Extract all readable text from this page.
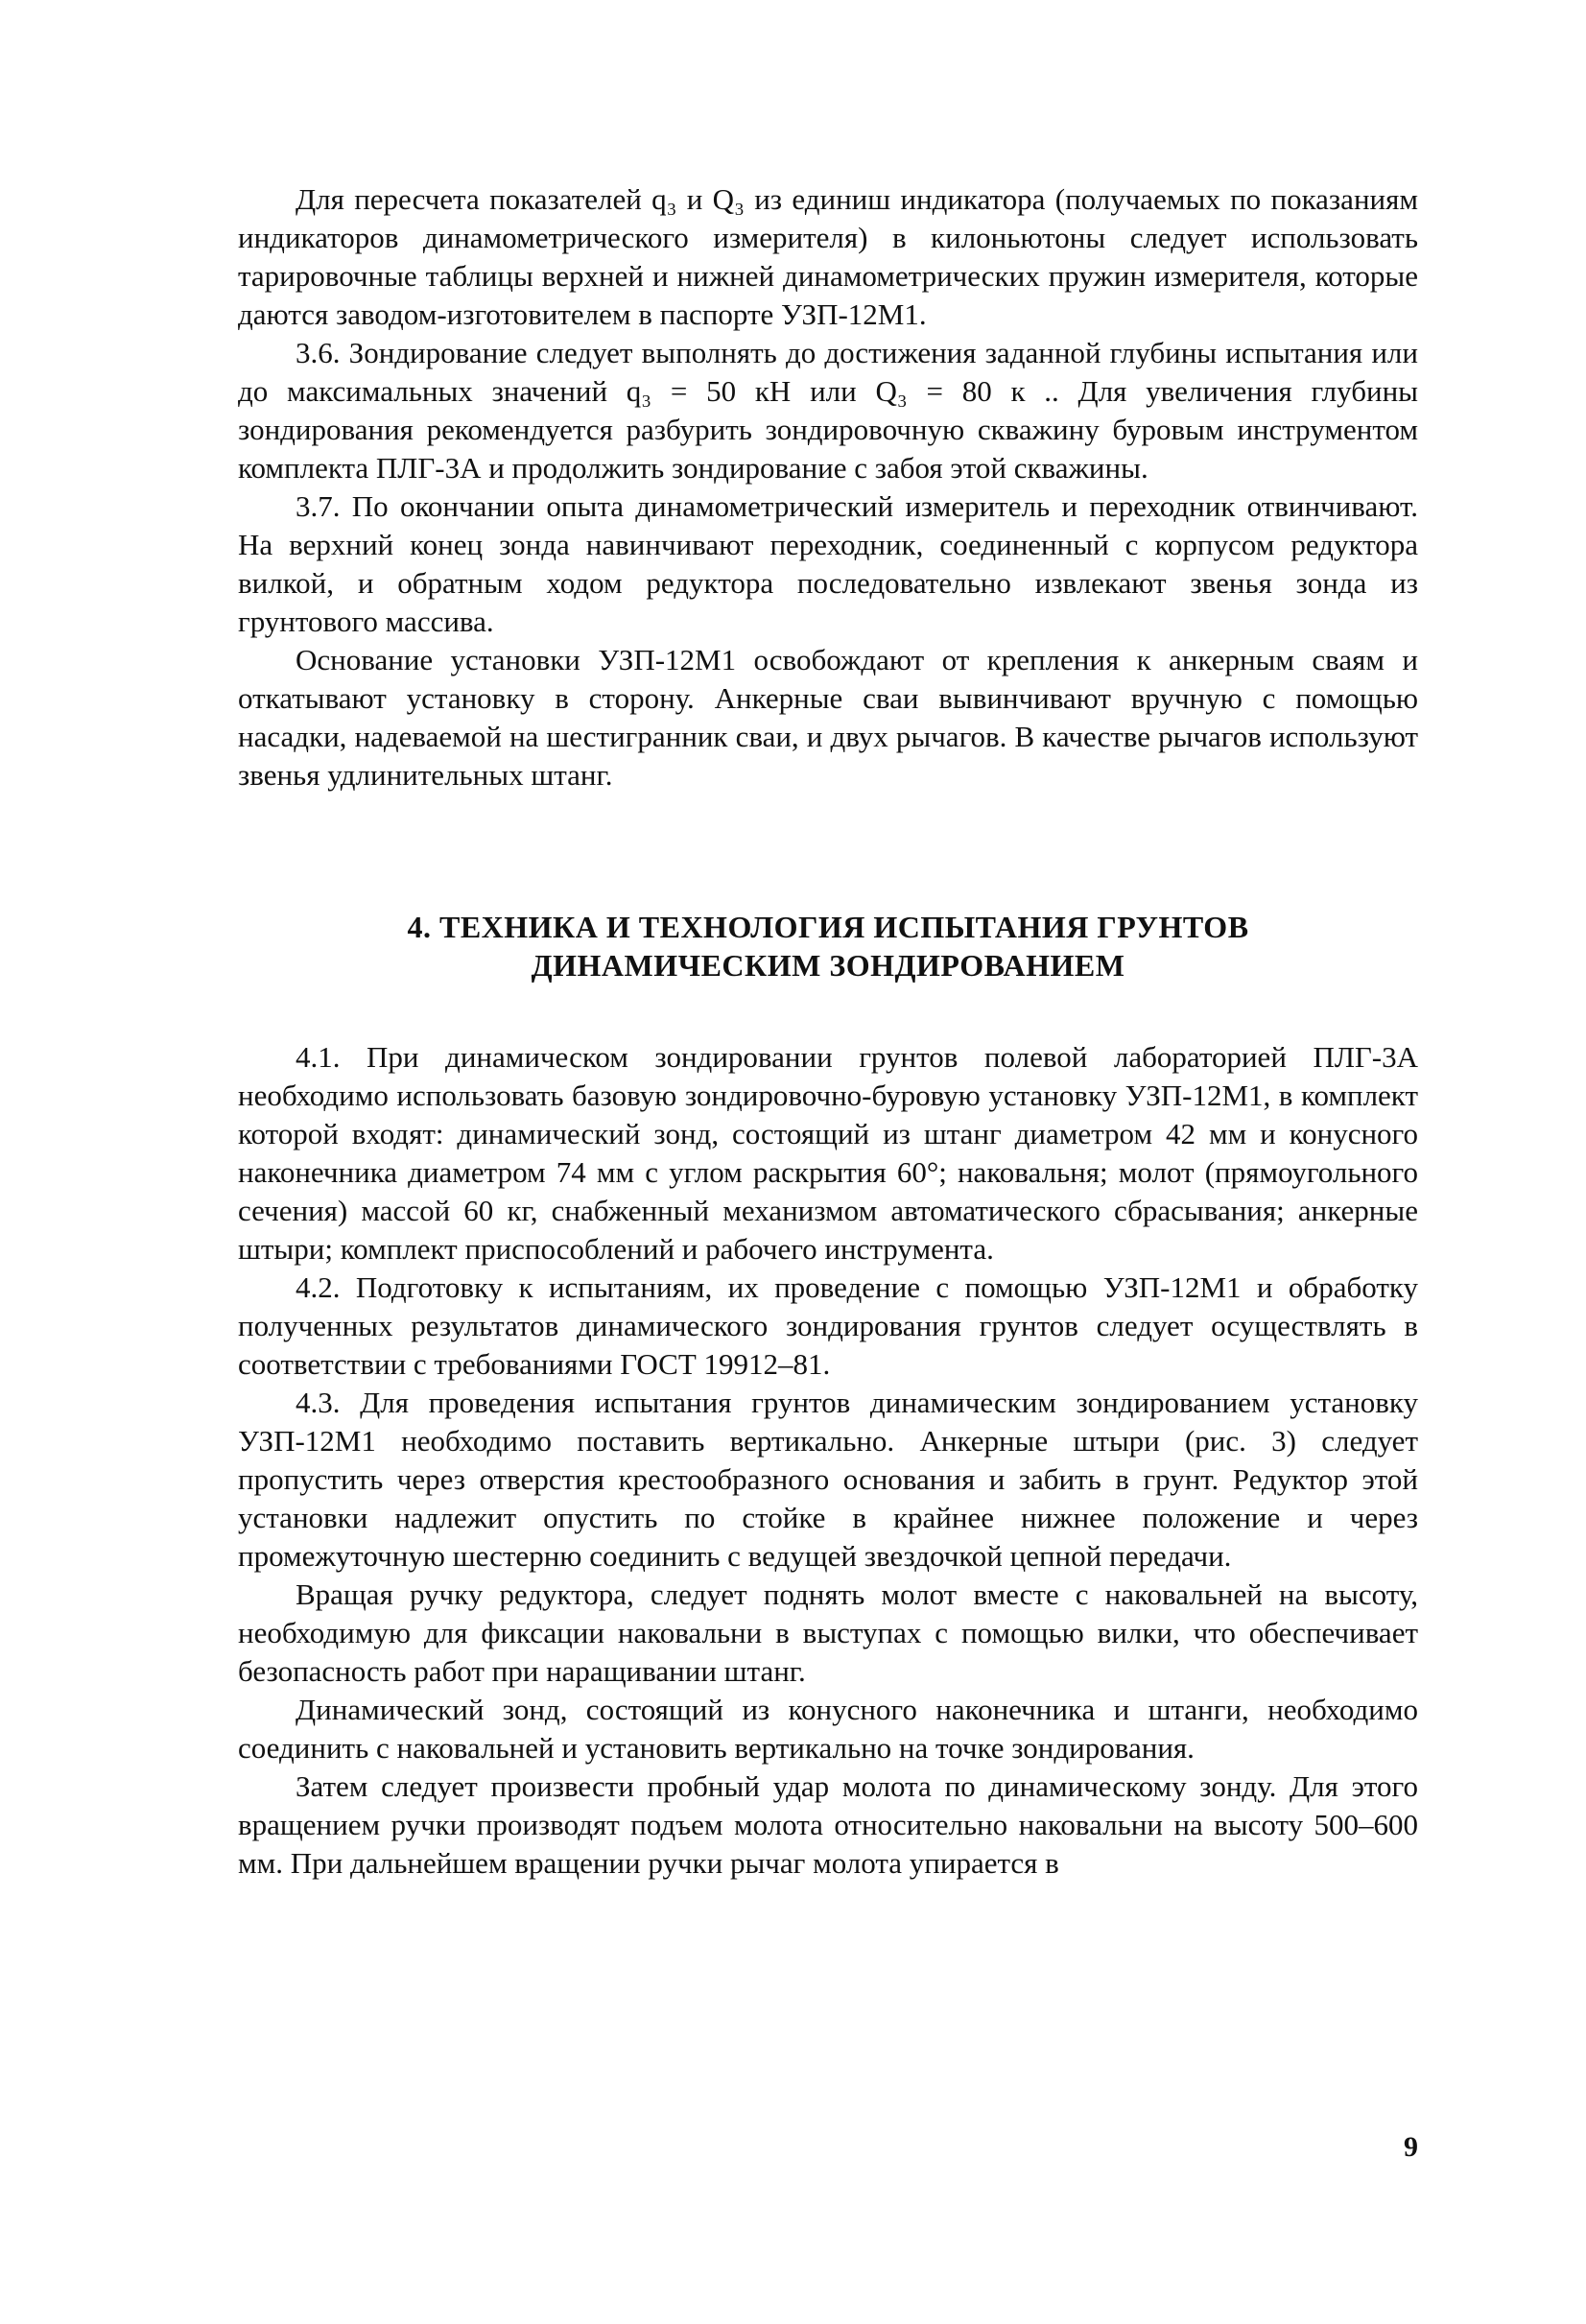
Для пересчета показателей q₃ и Q₃ из единиш индикатора (получаемых по показаниям индикаторов динамометрического измерителя) в килоньютоны следует использовать тарировочные таблицы верхней и нижней динамометрических пружин измерителя, которые даются заводом-изготовителем в паспорте УЗП-12М1.

3.6. Зондирование следует выполнять до достижения заданной глубины испытания или до максимальных значений q₃ = 50 кН или Q₃ = 80 к .. Для увеличения глубины зондирования рекомендуется разбурить зондировочную скважину буровым инструментом комплекта ПЛГ-3А и продолжить зондирование с забоя этой скважины.

3.7. По окончании опыта динамометрический измеритель и переходник отвинчивают. На верхний конец зонда навинчивают переходник, соединенный с корпусом редуктора вилкой, и обратным ходом редуктора последовательно извлекают звенья зонда из грунтового массива.

Основание установки УЗП-12М1 освобождают от крепления к анкерным сваям и откатывают установку в сторону. Анкерные сваи вывинчивают вручную с помощью насадки, надеваемой на шестигранник сваи, и двух рычагов. В качестве рычагов используют звенья удлинительных штанг.

4. ТЕХНИКА И ТЕХНОЛОГИЯ ИСПЫТАНИЯ ГРУНТОВ

ДИНАМИЧЕСКИМ ЗОНДИРОВАНИЕМ

4.1. При динамическом зондировании грунтов полевой лабораторией ПЛГ-3А необходимо использовать базовую зондировочно-буровую установку УЗП-12М1, в комплект которой входят: динамический зонд, состоящий из штанг диаметром 42 мм и конусного наконечника диаметром 74 мм с углом раскрытия 60°; наковальня; молот (прямоугольного сечения) массой 60 кг, снабженный механизмом автоматического сбрасывания; анкерные штыри; комплект приспособлений и рабочего инструмента.

4.2. Подготовку к испытаниям, их проведение с помощью УЗП-12М1 и обработку полученных результатов динамического зондирования грунтов следует осуществлять в соответствии с требованиями ГОСТ 19912–81.

4.3. Для проведения испытания грунтов динамическим зондированием установку УЗП-12М1 необходимо поставить вертикально. Анкерные штыри (рис. 3) следует пропустить через отверстия крестообразного основания и забить в грунт. Редуктор этой установки надлежит опустить по стойке в крайнее нижнее положение и через промежуточную шестерню соединить с ведущей звездочкой цепной передачи.

Вращая ручку редуктора, следует поднять молот вместе с наковальней на высоту, необходимую для фиксации наковальни в выступах с помощью вилки, что обеспечивает безопасность работ при наращивании штанг.

Динамический зонд, состоящий из конусного наконечника и штанги, необходимо соединить с наковальней и установить вертикально на точке зондирования.

Затем следует произвести пробный удар молота по динамическому зонду. Для этого вращением ручки производят подъем молота относительно наковальни на высоту 500–600 мм. При дальнейшем вращении ручки рычаг молота упирается в

9
